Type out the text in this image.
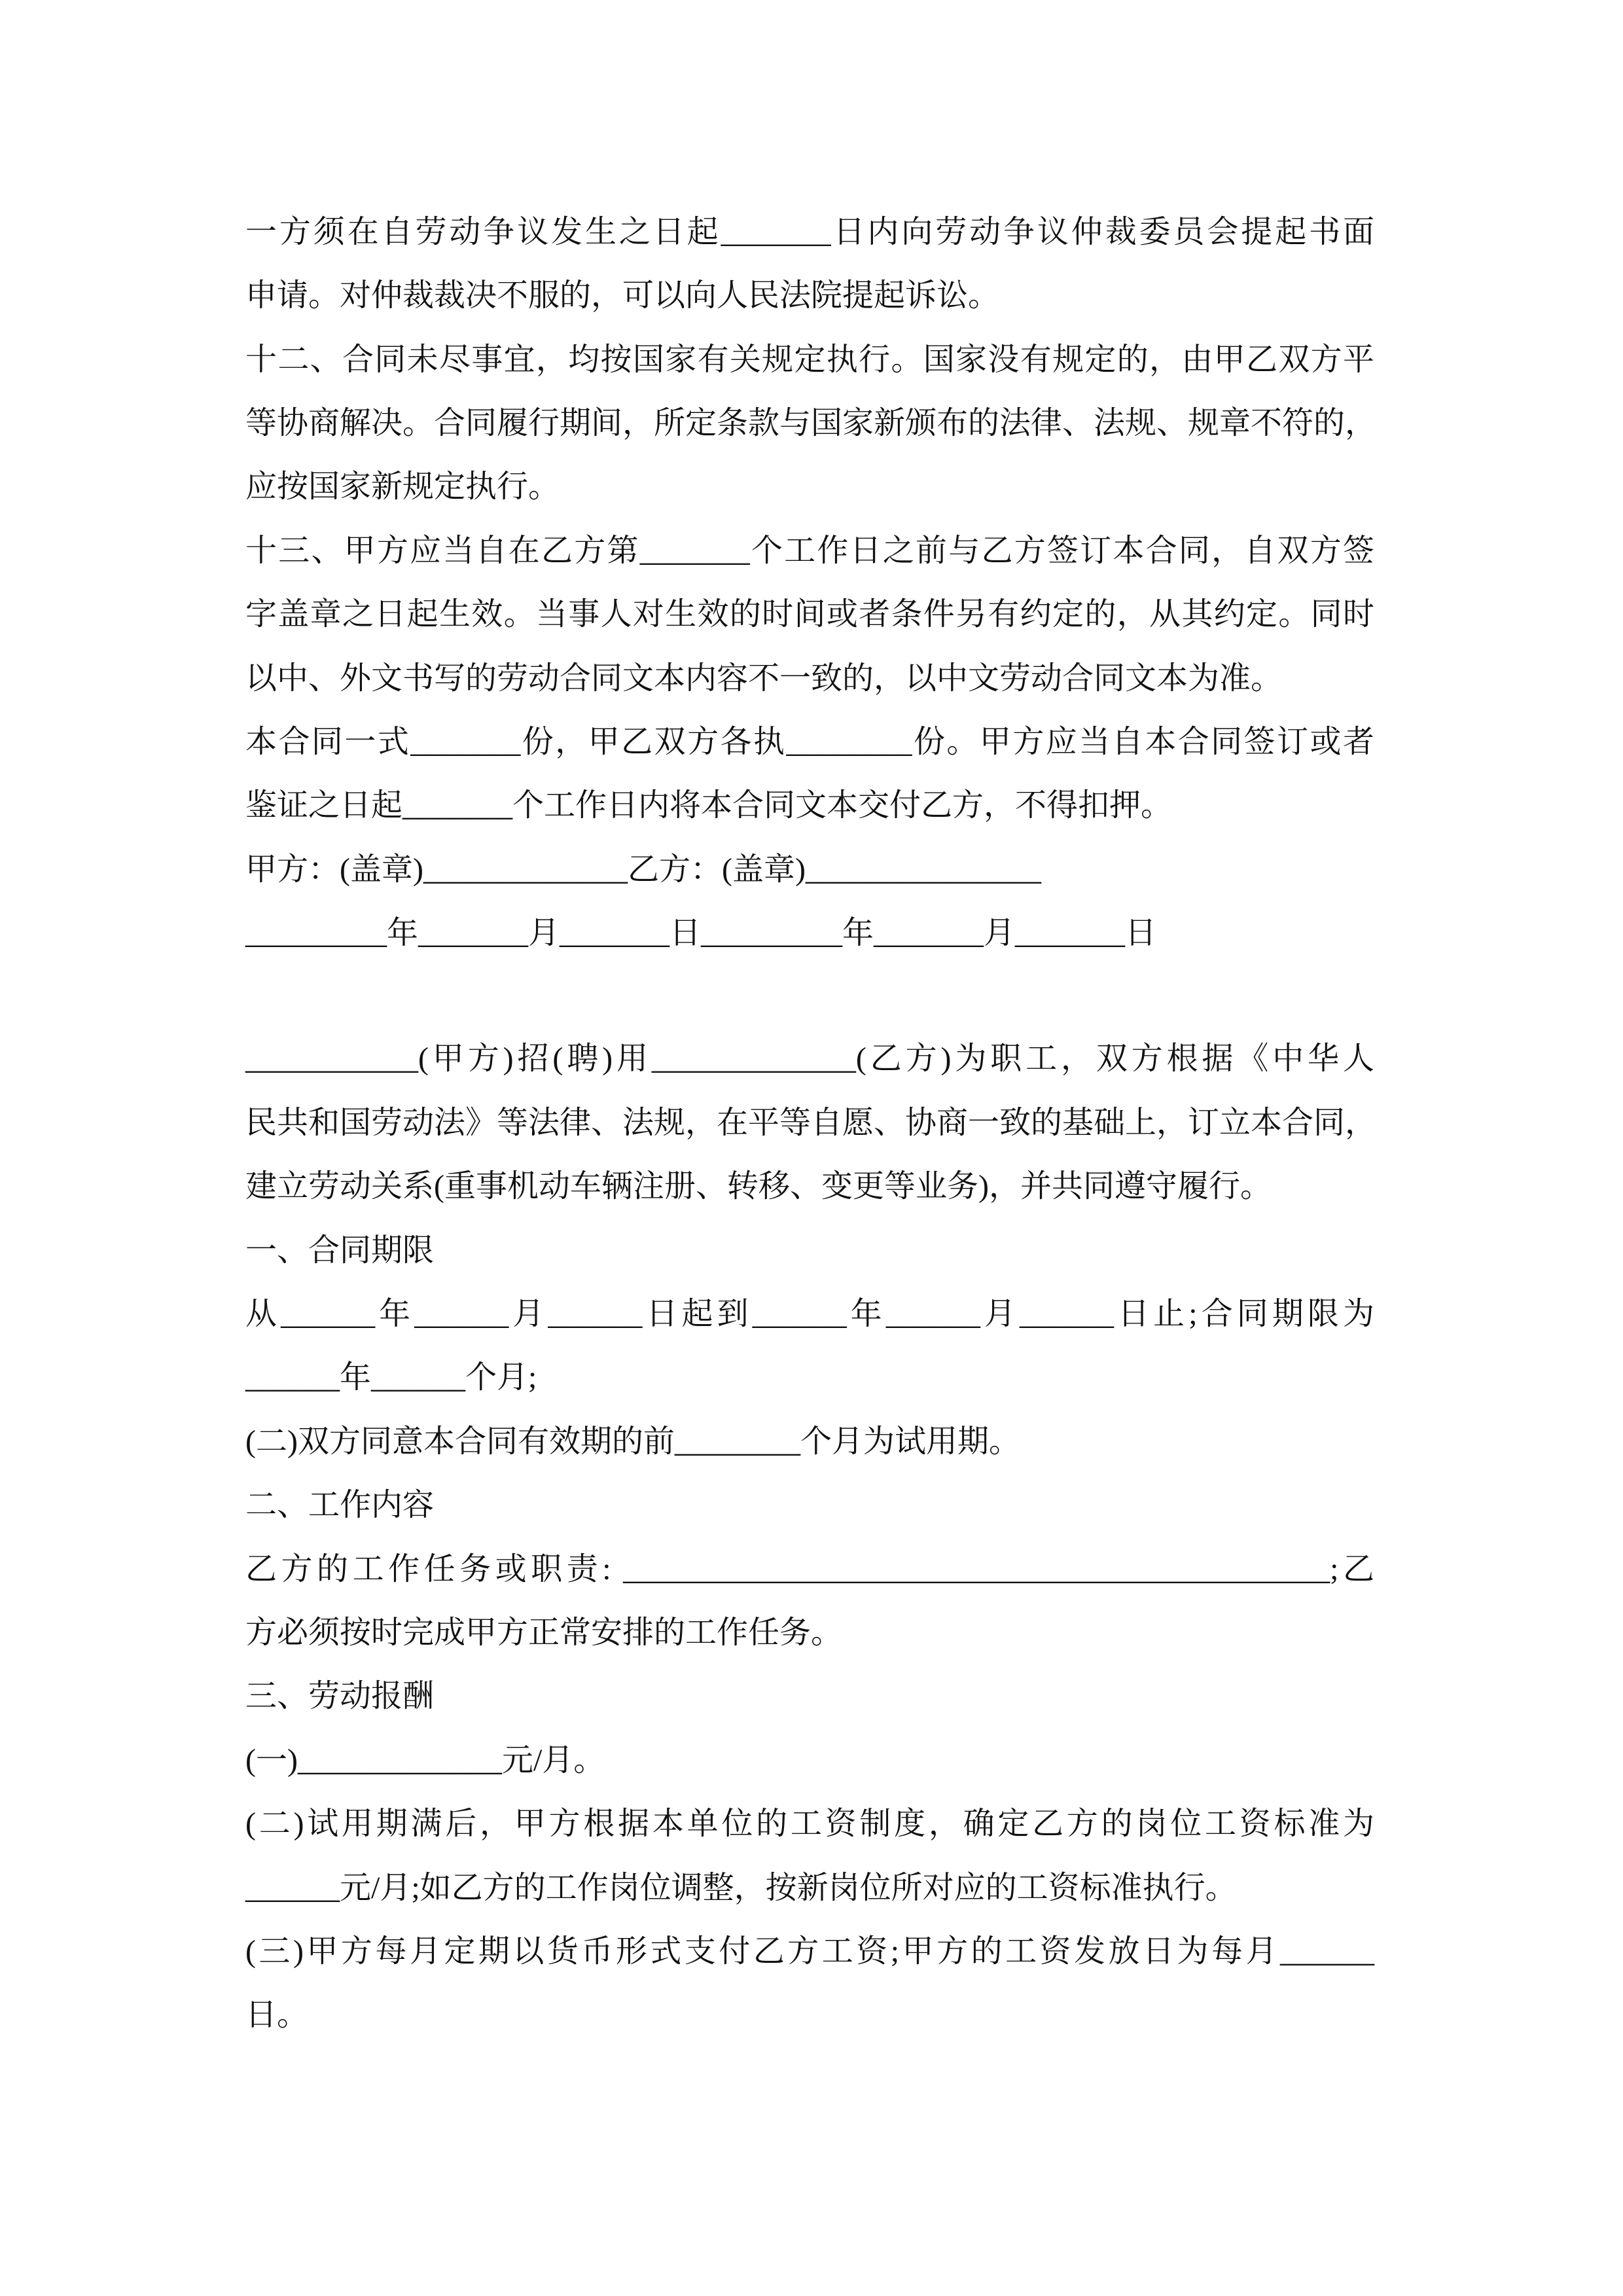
一方须在自劳动争议发生之日起_______日内向劳动争议仲裁委员会提起书面
申请。对仲裁裁决不服的，可以向人民法院提起诉讼。
十二、合同未尽事宜，均按国家有关规定执行。国家没有规定的，由甲乙双方平
等协商解决。合同履行期间，所定条款与国家新颁布的法律、法规、规章不符的，
应按国家新规定执行。
十三、甲方应当自在乙方第_______个工作日之前与乙方签订本合同，自双方签
字盖章之日起生效。当事人对生效的时间或者条件另有约定的，从其约定。同时
以中、外文书写的劳动合同文本内容不一致的，以中文劳动合同文本为准。
本合同一式_______份，甲乙双方各执________份。甲方应当自本合同签订或者
鉴证之日起_______个工作日内将本合同文本交付乙方，不得扣押。
甲方：(盖章)_____________乙方：(盖章)_______________
_________年_______月_______日_________年_______月_______日
___________(甲方)招(聘)用_____________(乙方)为职工，双方根据《中华人
民共和国劳动法》等法律、法规，在平等自愿、协商一致的基础上，订立本合同，
建立劳动关系(重事机动车辆注册、转移、变更等业务)，并共同遵守履行。
一、合同期限
从______年______月______日起到______年______月______日止;合同期限为
______年______个月;
(二)双方同意本合同有效期的前________个月为试用期。
二、工作内容
乙方的工作任务或职责: _____________________________________________;乙
方必须按时完成甲方正常安排的工作任务。
三、劳动报酬
(一)_____________元/月。
(二)试用期满后，甲方根据本单位的工资制度，确定乙方的岗位工资标准为
______元/月;如乙方的工作岗位调整，按新岗位所对应的工资标准执行。
(三)甲方每月定期以货币形式支付乙方工资;甲方的工资发放日为每月______
日。
